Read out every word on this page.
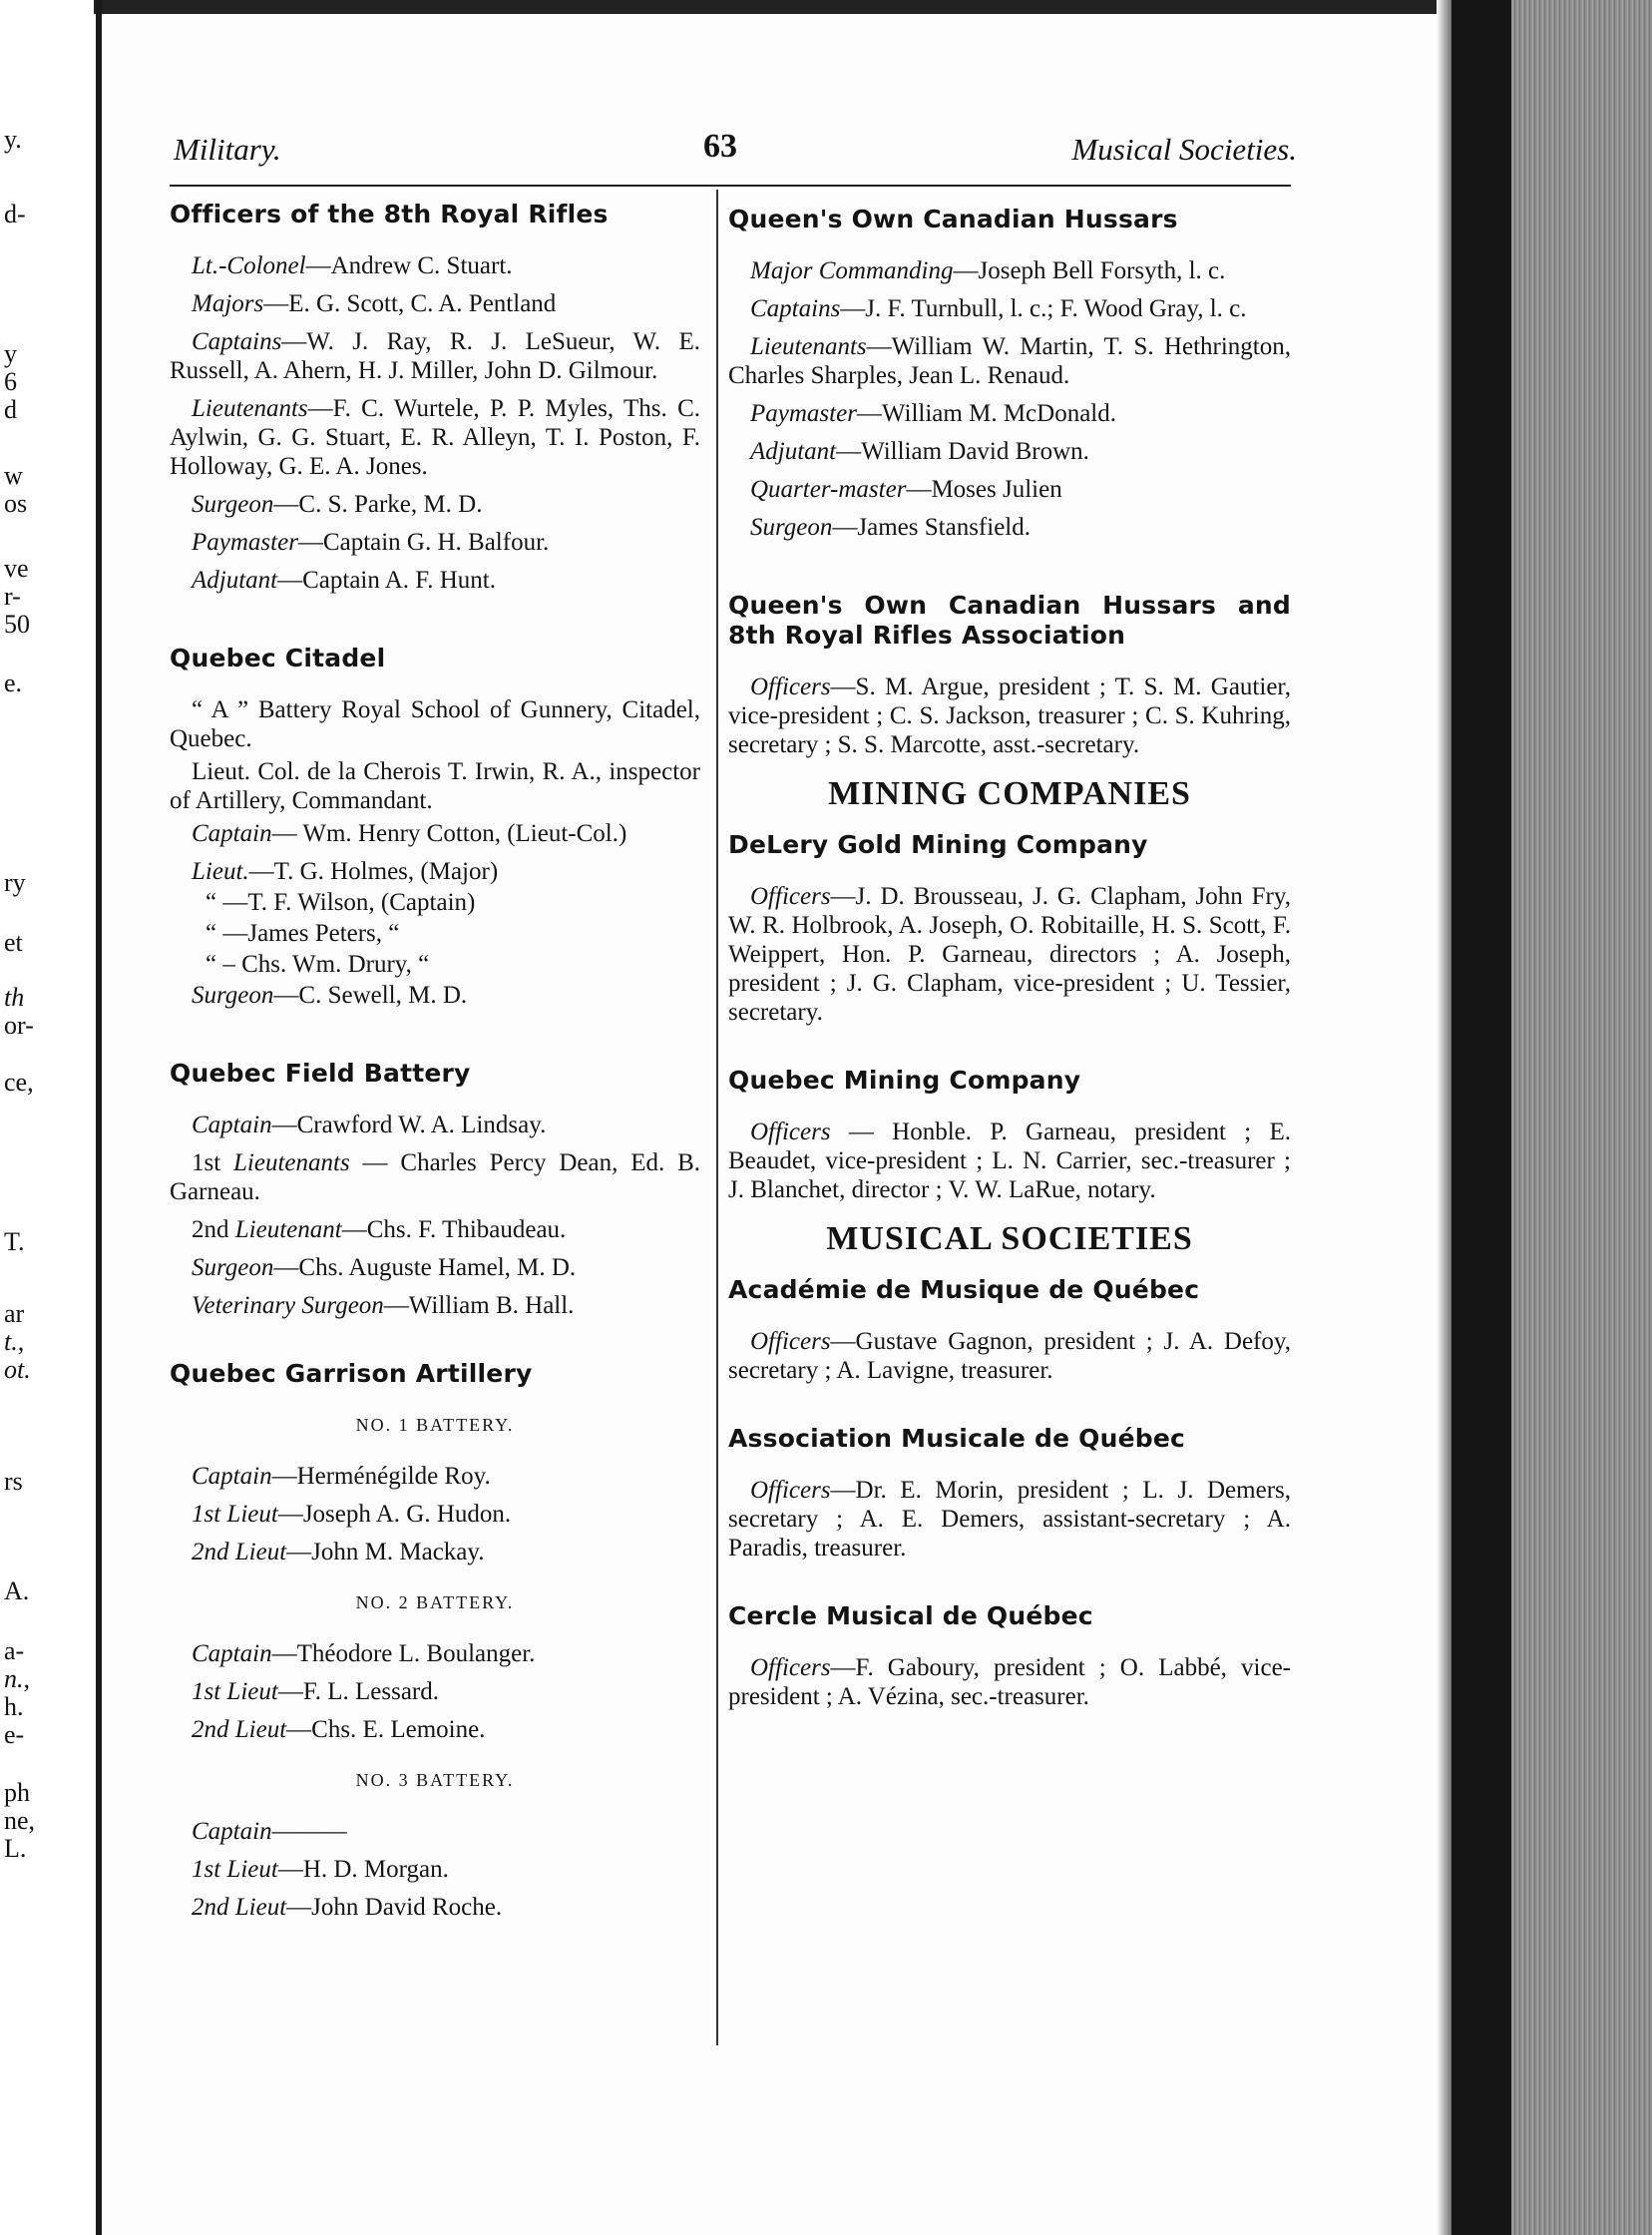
y.
d-
y
6
d
w
os
ve
r-
50
e.
ry
et
th
or-
ce,
T.
ar
t.,
ot.
rs
A.
a-
n.,
h.
e-
ph
ne,
L.
Military.	63	Musical Societies.
Officers of the 8th Royal Rifles

Lt.-Colonel—Andrew C. Stuart.

Majors—E. G. Scott, C. A. Pentland

Captains—W. J. Ray, R. J. LeSueur, W. E. Russell, A. Ahern, H. J. Miller, John D. Gilmour.

Lieutenants—F. C. Wurtele, P. P. Myles, Ths. C. Aylwin, G. G. Stuart, E. R. Alleyn, T. I. Poston, F. Holloway, G. E. A. Jones.

Surgeon—C. S. Parke, M. D.

Paymaster—Captain G. H. Balfour.

Adjutant—Captain A. F. Hunt.

Quebec Citadel

“ A ” Battery Royal School of Gunnery, Citadel, Quebec.

Lieut. Col. de la Cherois T. Irwin, R. A., inspector of Artillery, Commandant.

Captain— Wm. Henry Cotton, (Lieut-Col.)

Lieut.—T. G. Holmes, (Major)

“ —T. F. Wilson, (Captain)

“ —James Peters, “

“ – Chs. Wm. Drury, “

Surgeon—C. Sewell, M. D.

Quebec Field Battery

Captain—Crawford W. A. Lindsay.

1st Lieutenants — Charles Percy Dean, Ed. B. Garneau.

2nd Lieutenant—Chs. F. Thibaudeau.

Surgeon—Chs. Auguste Hamel, M. D.

Veterinary Surgeon—William B. Hall.

Quebec Garrison Artillery
NO. 1 BATTERY.

Captain—Herménégilde Roy.

1st Lieut—Joseph A. G. Hudon.

2nd Lieut—John M. Mackay.

NO. 2 BATTERY.

Captain—Théodore L. Boulanger.

1st Lieut—F. L. Lessard.

2nd Lieut—Chs. E. Lemoine.

NO. 3 BATTERY.

Captain———

1st Lieut—H. D. Morgan.

2nd Lieut—John David Roche.

Queen's Own Canadian Hussars

Major Commanding—Joseph Bell Forsyth, l. c.

Captains—J. F. Turnbull, l. c.; F. Wood Gray, l. c.

Lieutenants—William W. Martin, T. S. Hethrington, Charles Sharples, Jean L. Renaud.

Paymaster—William M. McDonald.

Adjutant—William David Brown.

Quarter-master—Moses Julien

Surgeon—James Stansfield.

Queen's Own Canadian Hussars and 8th Royal Rifles Association

Officers—S. M. Argue, president ; T. S. M. Gautier, vice-president ; C. S. Jackson, treasurer ; C. S. Kuhring, secretary ; S. S. Marcotte, asst.-secretary.

MINING COMPANIES
DeLery Gold Mining Company

Officers—J. D. Brousseau, J. G. Clapham, John Fry, W. R. Holbrook, A. Joseph, O. Robitaille, H. S. Scott, F. Weippert, Hon. P. Garneau, directors ; A. Joseph, president ; J. G. Clapham, vice-president ; U. Tessier, secretary.

Quebec Mining Company

Officers — Honble. P. Garneau, president ; E. Beaudet, vice-president ; L. N. Carrier, sec.-treasurer ; J. Blanchet, director ; V. W. LaRue, notary.

MUSICAL SOCIETIES
Académie de Musique de Québec

Officers—Gustave Gagnon, president ; J. A. Defoy, secretary ; A. Lavigne, treasurer.

Association Musicale de Québec

Officers—Dr. E. Morin, president ; L. J. Demers, secretary ; A. E. Demers, assistant-secretary ; A. Paradis, treasurer.

Cercle Musical de Québec

Officers—F. Gaboury, president ; O. Labbé, vice-president ; A. Vézina, sec.-treasurer.
